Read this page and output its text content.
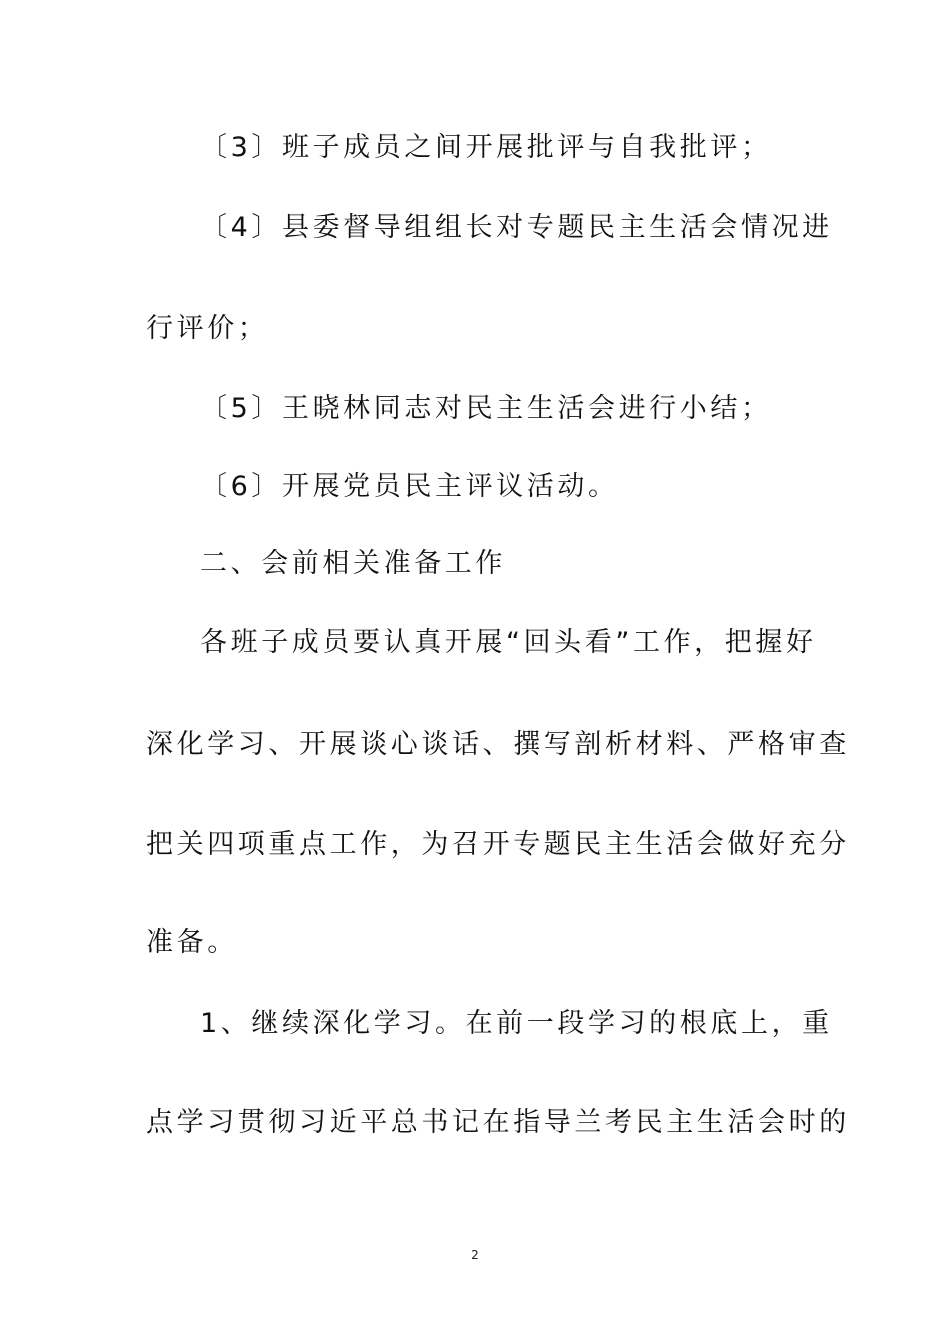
〔3〕班子成员之间开展批评与自我批评；

〔4〕县委督导组组长对专题民主生活会情况进

行评价；

〔5〕王晓林同志对民主生活会进行小结；

〔6〕开展党员民主评议活动。

二、会前相关准备工作

各班子成员要认真开展“回头看”工作，把握好

深化学习、开展谈心谈话、撰写剖析材料、严格审查

把关四项重点工作，为召开专题民主生活会做好充分

准备。

1、继续深化学习。在前一段学习的根底上，重

点学习贯彻习近平总书记在指导兰考民主生活会时的

2
